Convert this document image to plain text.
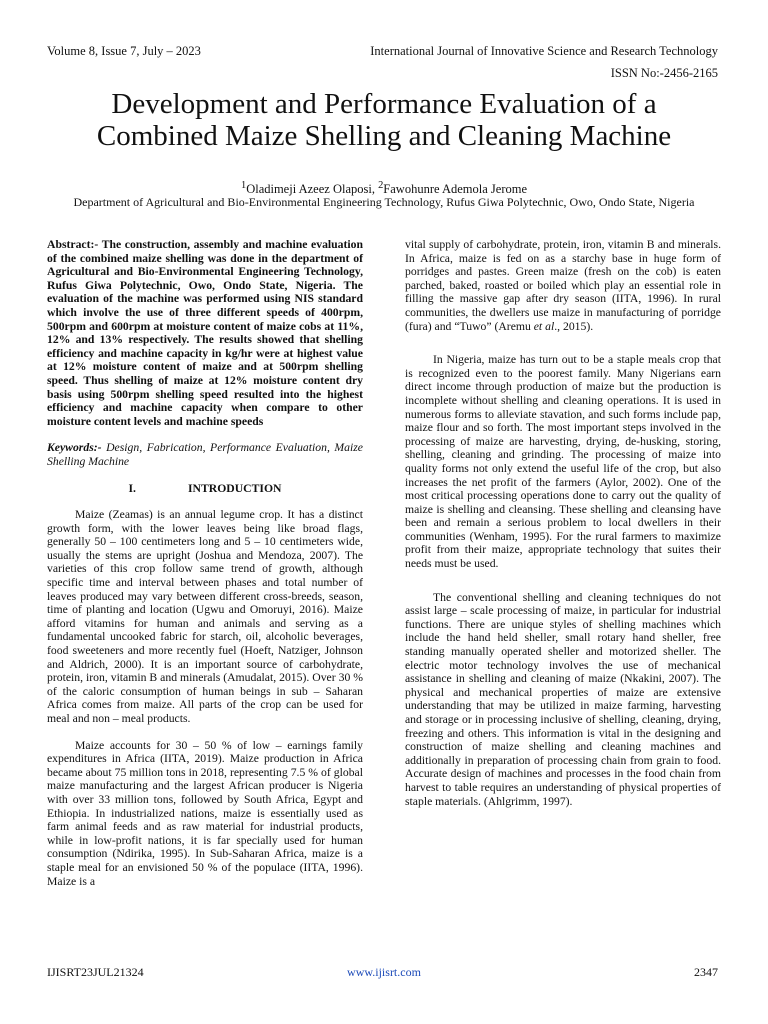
Volume 8, Issue 7, July – 2023	International Journal of Innovative Science and Research Technology
ISSN No:-2456-2165
Development and Performance Evaluation of a
Combined Maize Shelling and Cleaning Machine
$^1$Oladimeji Azeez Olaposi, $^2$Fawohunre Ademola Jerome
Department of Agricultural and Bio-Environmental Engineering Technology, Rufus Giwa Polytechnic, Owo, Ondo State, Nigeria

Abstract:- The construction, assembly and machine evaluation of the combined maize shelling was done in the department of Agricultural and Bio-Environmental Engineering Technology, Rufus Giwa Polytechnic, Owo, Ondo State, Nigeria. The evaluation of the machine was performed using NIS standard which involve the use of three different speeds of 400rpm, 500rpm and 600rpm at moisture content of maize cobs at 11%, 12% and 13% respectively. The results showed that shelling efficiency and machine capacity in kg/hr were at highest value at 12% moisture content of maize and at 500rpm shelling speed. Thus shelling of maize at 12% moisture content dry basis using 500rpm shelling speed resulted into the highest efficiency and machine capacity when compare to other moisture content levels and machine speeds

Keywords:- Design, Fabrication, Performance Evaluation, Maize Shelling Machine

I.	INTRODUCTION

Maize (Zeamas) is an annual legume crop. It has a distinct growth form, with the lower leaves being like broad flags, generally 50 – 100 centimeters long and 5 – 10 centimeters wide, usually the stems are upright (Joshua and Mendoza, 2007). The varieties of this crop follow same trend of growth, although specific time and interval between phases and total number of leaves produced may vary between different cross-breeds, season, time of planting and location (Ugwu and Omoruyi, 2016). Maize afford vitamins for human and animals and serving as a fundamental uncooked fabric for starch, oil, alcoholic beverages, food sweeteners and more recently fuel (Hoeft, Natziger, Johnson and Aldrich, 2000). It is an important source of carbohydrate, protein, iron, vitamin B and minerals (Amudalat, 2015). Over 30 % of the caloric consumption of human beings in sub – Saharan Africa comes from maize. All parts of the crop can be used for meal and non – meal products.

Maize accounts for 30 – 50 % of low – earnings family expenditures in Africa (IITA, 2019). Maize production in Africa became about 75 million tons in 2018, representing 7.5 % of global maize manufacturing and the largest African producer is Nigeria with over 33 million tons, followed by South Africa, Egypt and Ethiopia. In industrialized nations, maize is essentially used as farm animal feeds and as raw material for industrial products, while in low-profit nations, it is far specially used for human consumption (Ndirika, 1995). In Sub-Saharan Africa, maize is a staple meal for an envisioned 50 % of the populace (IITA, 1996). Maize is a

vital supply of carbohydrate, protein, iron, vitamin B and minerals. In Africa, maize is fed on as a starchy base in huge form of porridges and pastes. Green maize (fresh on the cob) is eaten parched, baked, roasted or boiled which play an essential role in filling the massive gap after dry season (IITA, 1996). In rural communities, the dwellers use maize in manufacturing of porridge (fura) and “Tuwo” (Aremu et al., 2015).

In Nigeria, maize has turn out to be a staple meals crop that is recognized even to the poorest family. Many Nigerians earn direct income through production of maize but the production is incomplete without shelling and cleaning operations. It is used in numerous forms to alleviate stavation, and such forms include pap, maize flour and so forth. The most important steps involved in the processing of maize are harvesting, drying, de-husking, storing, shelling, cleaning and grinding. The processing of maize into quality forms not only extend the useful life of the crop, but also increases the net profit of the farmers (Aylor, 2002). One of the most critical processing operations done to carry out the quality of maize is shelling and cleansing. These shelling and cleansing have been and remain a serious problem to local dwellers in their communities (Wenham, 1995). For the rural farmers to maximize profit from their maize, appropriate technology that suites their needs must be used.

The conventional shelling and cleaning techniques do not assist large – scale processing of maize, in particular for industrial functions. There are unique styles of shelling machines which include the hand held sheller, small rotary hand sheller, free standing manually operated sheller and motorized sheller. The electric motor technology involves the use of mechanical assistance in shelling and cleaning of maize (Nkakini, 2007). The physical and mechanical properties of maize are extensive understanding that may be utilized in maize farming, harvesting and storage or in processing inclusive of shelling, cleaning, drying, freezing and others. This information is vital in the designing and construction of maize shelling and cleaning machines and additionally in preparation of processing chain from grain to food. Accurate design of machines and processes in the food chain from harvest to table requires an understanding of physical properties of staple materials. (Ahlgrimm, 1997).

IJISRT23JUL21324	www.ijisrt.com	2347
